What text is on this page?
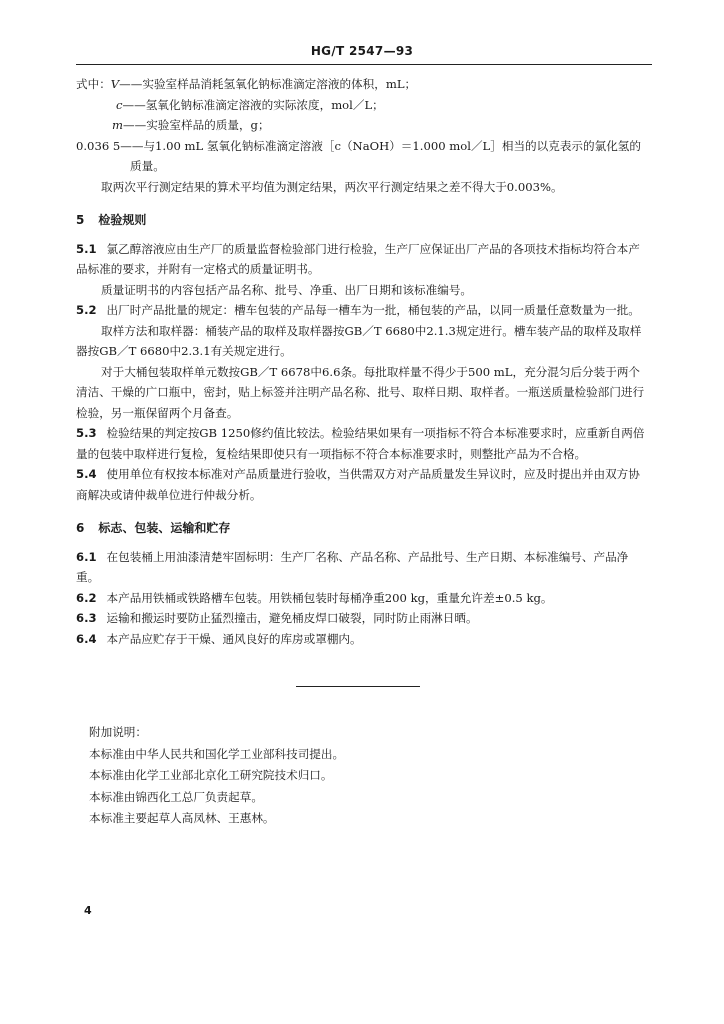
HG/T 2547—93

式中：V——实验室样品消耗氢氧化钠标准滴定溶液的体积，mL；

c——氢氧化钠标准滴定溶液的实际浓度，mol／L；

m——实验室样品的质量，g；

0.036 5——与1.00 mL 氢氧化钠标准滴定溶液［c（NaOH）＝1.000 mol／L］相当的以克表示的氯化氢的质量。

取两次平行测定结果的算术平均值为测定结果，两次平行测定结果之差不得大于0.003%。

5 检验规则

5.1 氯乙醇溶液应由生产厂的质量监督检验部门进行检验，生产厂应保证出厂产品的各项技术指标均符合本产品标准的要求，并附有一定格式的质量证明书。

质量证明书的内容包括产品名称、批号、净重、出厂日期和该标准编号。

5.2 出厂时产品批量的规定：槽车包装的产品每一槽车为一批，桶包装的产品，以同一质量任意数量为一批。

取样方法和取样器：桶装产品的取样及取样器按GB／T 6680中2.1.3规定进行。槽车装产品的取样及取样器按GB／T 6680中2.3.1有关规定进行。

对于大桶包装取样单元数按GB／T 6678中6.6条。每批取样量不得少于500 mL，充分混匀后分装于两个清洁、干燥的广口瓶中，密封，贴上标签并注明产品名称、批号、取样日期、取样者。一瓶送质量检验部门进行检验，另一瓶保留两个月备查。

5.3 检验结果的判定按GB 1250修约值比较法。检验结果如果有一项指标不符合本标准要求时，应重新自两倍量的包装中取样进行复检，复检结果即使只有一项指标不符合本标准要求时，则整批产品为不合格。

5.4 使用单位有权按本标准对产品质量进行验收，当供需双方对产品质量发生异议时，应及时提出并由双方协商解决或请仲裁单位进行仲裁分析。

6 标志、包装、运输和贮存

6.1 在包装桶上用油漆清楚牢固标明：生产厂名称、产品名称、产品批号、生产日期、本标准编号、产品净重。

6.2 本产品用铁桶或铁路槽车包装。用铁桶包装时每桶净重200 kg，重量允许差±0.5 kg。

6.3 运输和搬运时要防止猛烈撞击，避免桶皮焊口破裂，同时防止雨淋日晒。

6.4 本产品应贮存于干燥、通风良好的库房或罩棚内。

附加说明：

本标准由中华人民共和国化学工业部科技司提出。

本标准由化学工业部北京化工研究院技术归口。

本标准由锦西化工总厂负责起草。

本标准主要起草人高凤林、王惠林。

4
